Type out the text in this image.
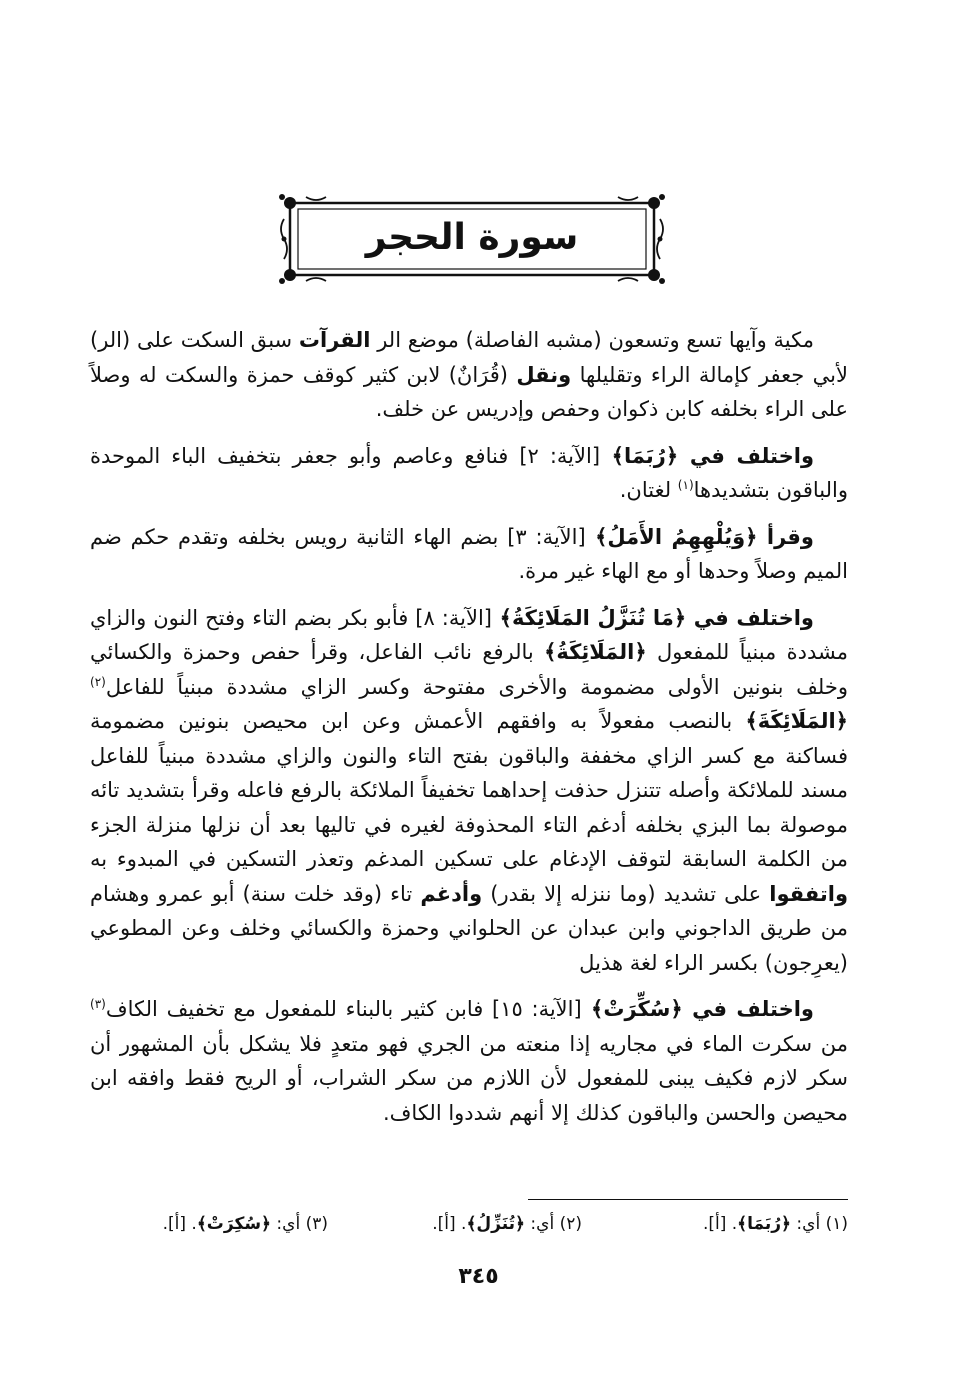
سورة الحجر

مكية وآيها تسع وتسعون (مشبه الفاصلة) موضع الر القرآت سبق السكت على (الر) لأبي جعفر كإمالة الراء وتقليلها ونقل (قُرَانٌ) لابن كثير كوقف حمزة والسكت له وصلاً على الراء بخلفه كابن ذكوان وحفص وإدريس عن خلف.

واختلف في ﴿رُبَمَا﴾ [الآية: ٢] فنافع وعاصم وأبو جعفر بتخفيف الباء الموحدة والباقون بتشديدها$^{(١)}$ لغتان.

وقرأ ﴿وَيُلْهِهِمُ الأَمَلُ﴾ [الآية: ٣] بضم الهاء الثانية رويس بخلفه وتقدم حكم ضم الميم وصلاً وحدها أو مع الهاء غير مرة.

واختلف في ﴿مَا تُنَزَّلُ المَلَائِكَةُ﴾ [الآية: ٨] فأبو بكر بضم التاء وفتح النون والزاي مشددة مبنياً للمفعول ﴿المَلَائِكَةُ﴾ بالرفع نائب الفاعل، وقرأ حفص وحمزة والكسائي وخلف بنونين الأولى مضمومة والأخرى مفتوحة وكسر الزاي مشددة مبنياً للفاعل$^{(٢)}$ ﴿المَلَائِكَةَ﴾ بالنصب مفعولاً به وافقهم الأعمش وعن ابن محيصن بنونين مضمومة فساكنة مع كسر الزاي مخففة والباقون بفتح التاء والنون والزاي مشددة مبنياً للفاعل مسند للملائكة وأصله تتنزل حذفت إحداهما تخفيفاً الملائكة بالرفع فاعله وقرأ بتشديد تائه موصولة بما البزي بخلفه أدغم التاء المحذوفة لغيره في تاليها بعد أن نزلها منزلة الجزء من الكلمة السابقة لتوقف الإدغام على تسكين المدغم وتعذر التسكين في المبدوء به واتفقوا على تشديد (وما ننزله إلا بقدر) وأدغم تاء (وقد خلت سنة) أبو عمرو وهشام من طريق الداجوني وابن عبدان عن الحلواني وحمزة والكسائي وخلف وعن المطوعي (يعرِجون) بكسر الراء لغة هذيل

واختلف في ﴿سُكِّرَتْ﴾ [الآية: ١٥] فابن كثير بالبناء للمفعول مع تخفيف الكاف$^{(٣)}$ من سكرت الماء في مجاريه إذا منعته من الجري فهو متعدٍ فلا يشكل بأن المشهور أن سكر لازم فكيف يبنى للمفعول لأن اللازم من سكر الشراب، أو الريح فقط وافقه ابن محيصن والحسن والباقون كذلك إلا أنهم شددوا الكاف.

(١) أي: ﴿رُبَمَا﴾. [أ].
(٢) أي: ﴿تُنَزِّلُ﴾. [أ].
(٣) أي: ﴿سُكِرَتْ﴾. [أ].
٣٤٥
